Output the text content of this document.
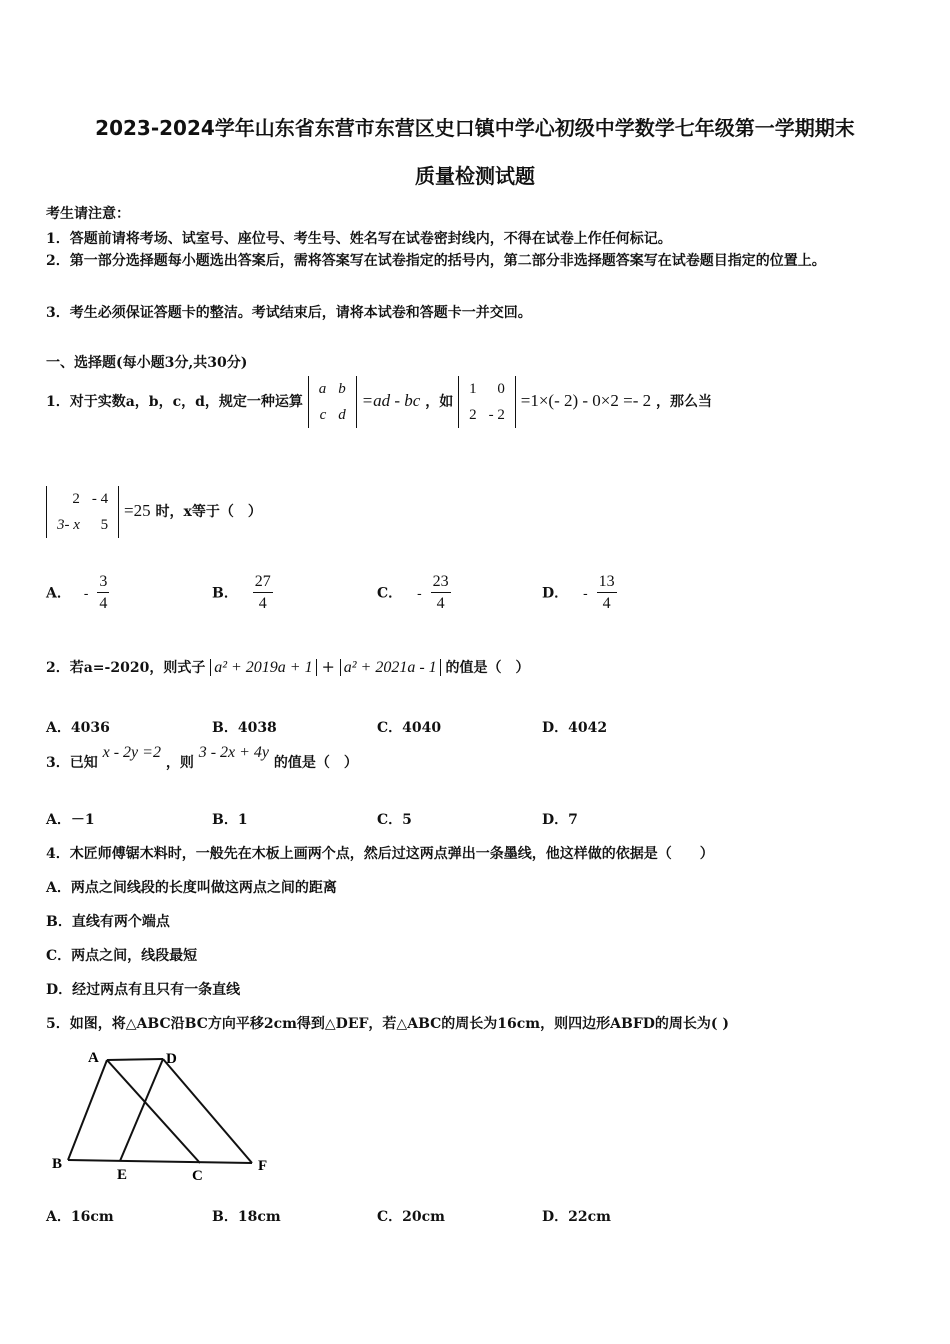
2023-2024学年山东省东营市东营区史口镇中学心初级中学数学七年级第一学期期末
质量检测试题
考生请注意：
1．答题前请将考场、试室号、座位号、考生号、姓名写在试卷密封线内，不得在试卷上作任何标记。
2．第一部分选择题每小题选出答案后，需将答案写在试卷指定的括号内，第二部分非选择题答案写在试卷题目指定的位置上。
3．考生必须保证答题卡的整洁。考试结束后，请将本试卷和答题卡一并交回。
一、选择题(每小题3分,共30分)
1．对于实数a，b，c，d，规定一种运算
a	b
c	d
=ad - bc ，如
1	0
2	- 2
=1×(- 2) - 0×2 =- 2 ，那么当
2	- 4
3- x	5
=25 时，x等于（　）
A． - $\frac{3}{4}$	B． $\frac{27}{4}$	C． - $\frac{23}{4}$	D． - $\frac{13}{4}$
2．若a=-2020，则式子 a² + 2019a + 1 + a² + 2021a - 1 的值是（　）
A．4036	B．4038	C．4040	D．4042
3．已知 x - 2y =2 ，则 3 - 2x + 4y 的值是（　）
A．－1	B．1	C．5	D．7
4．木匠师傅锯木料时，一般先在木板上画两个点，然后过这两点弹出一条墨线，他这样做的依据是（　　）
A．两点之间线段的长度叫做这两点之间的距离
B．直线有两个端点
C．两点之间，线段最短
D．经过两点有且只有一条直线
5．如图，将△ABC沿BC方向平移2cm得到△DEF，若△ABC的周长为16cm，则四边形ABFD的周长为( )
A	D
B
E	C
F
A．16cm	B．18cm	C．20cm	D．22cm
